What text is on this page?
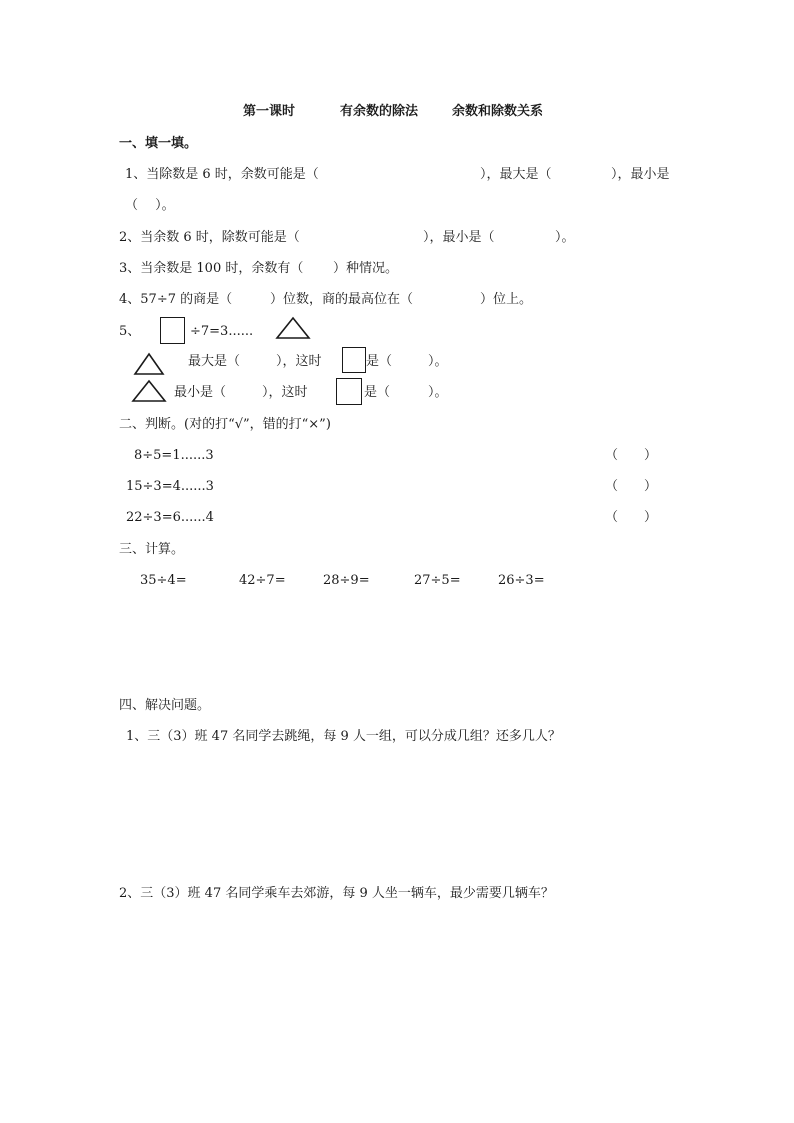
第一课时	有余数的除法	余数和除数关系
一、填一填。
1、当除数是 6 时，余数可能是（	），最大是（	），最小是
（　 ）。
2、当余数 6 时，除数可能是（	），最小是（	）。
3、当余数是 100 时，余数有（ ）种情况。
4、57÷7 的商是（	）位数，商的最高位在（	）位上。
5、	÷7=3......
最大是（	），这时	是（	）。
最小是（	），这时	是（	）。
二、判断。(对的打“√”，错的打“×”)
8÷5=1......3	（　　）
15÷3=4......3	（　　）
22÷3=6......4	（　　）
三、计算。
35÷4=	42÷7=	28÷9=	27÷5=	26÷3=
四、解决问题。
1、三（3）班 47 名同学去跳绳，每 9 人一组，可以分成几组？还多几人？
2、三（3）班 47 名同学乘车去郊游，每 9 人坐一辆车，最少需要几辆车？
